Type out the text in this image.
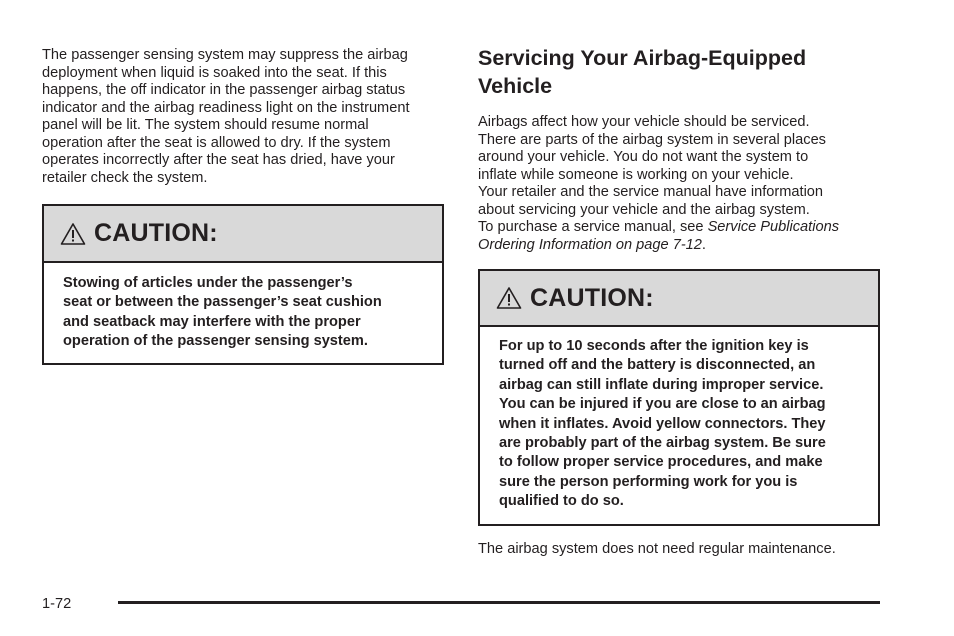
The passenger sensing system may suppress the airbag
deployment when liquid is soaked into the seat. If this
happens, the off indicator in the passenger airbag status
indicator and the airbag readiness light on the instrument
panel will be lit. The system should resume normal
operation after the seat is allowed to dry. If the system
operates incorrectly after the seat has dried, have your
retailer check the system.

CAUTION:
Stowing of articles under the passenger’s
seat or between the passenger’s seat cushion
and seatback may interfere with the proper
operation of the passenger sensing system.
Servicing Your Airbag-Equipped
Vehicle

Airbags affect how your vehicle should be serviced.
There are parts of the airbag system in several places
around your vehicle. You do not want the system to
inflate while someone is working on your vehicle.
Your retailer and the service manual have information
about servicing your vehicle and the airbag system.
To purchase a service manual, see Service Publications
Ordering Information on page 7-12.

CAUTION:
For up to 10 seconds after the ignition key is
turned off and the battery is disconnected, an
airbag can still inflate during improper service.
You can be injured if you are close to an airbag
when it inflates. Avoid yellow connectors. They
are probably part of the airbag system. Be sure
to follow proper service procedures, and make
sure the person performing work for you is
qualified to do so.

The airbag system does not need regular maintenance.

1-72
